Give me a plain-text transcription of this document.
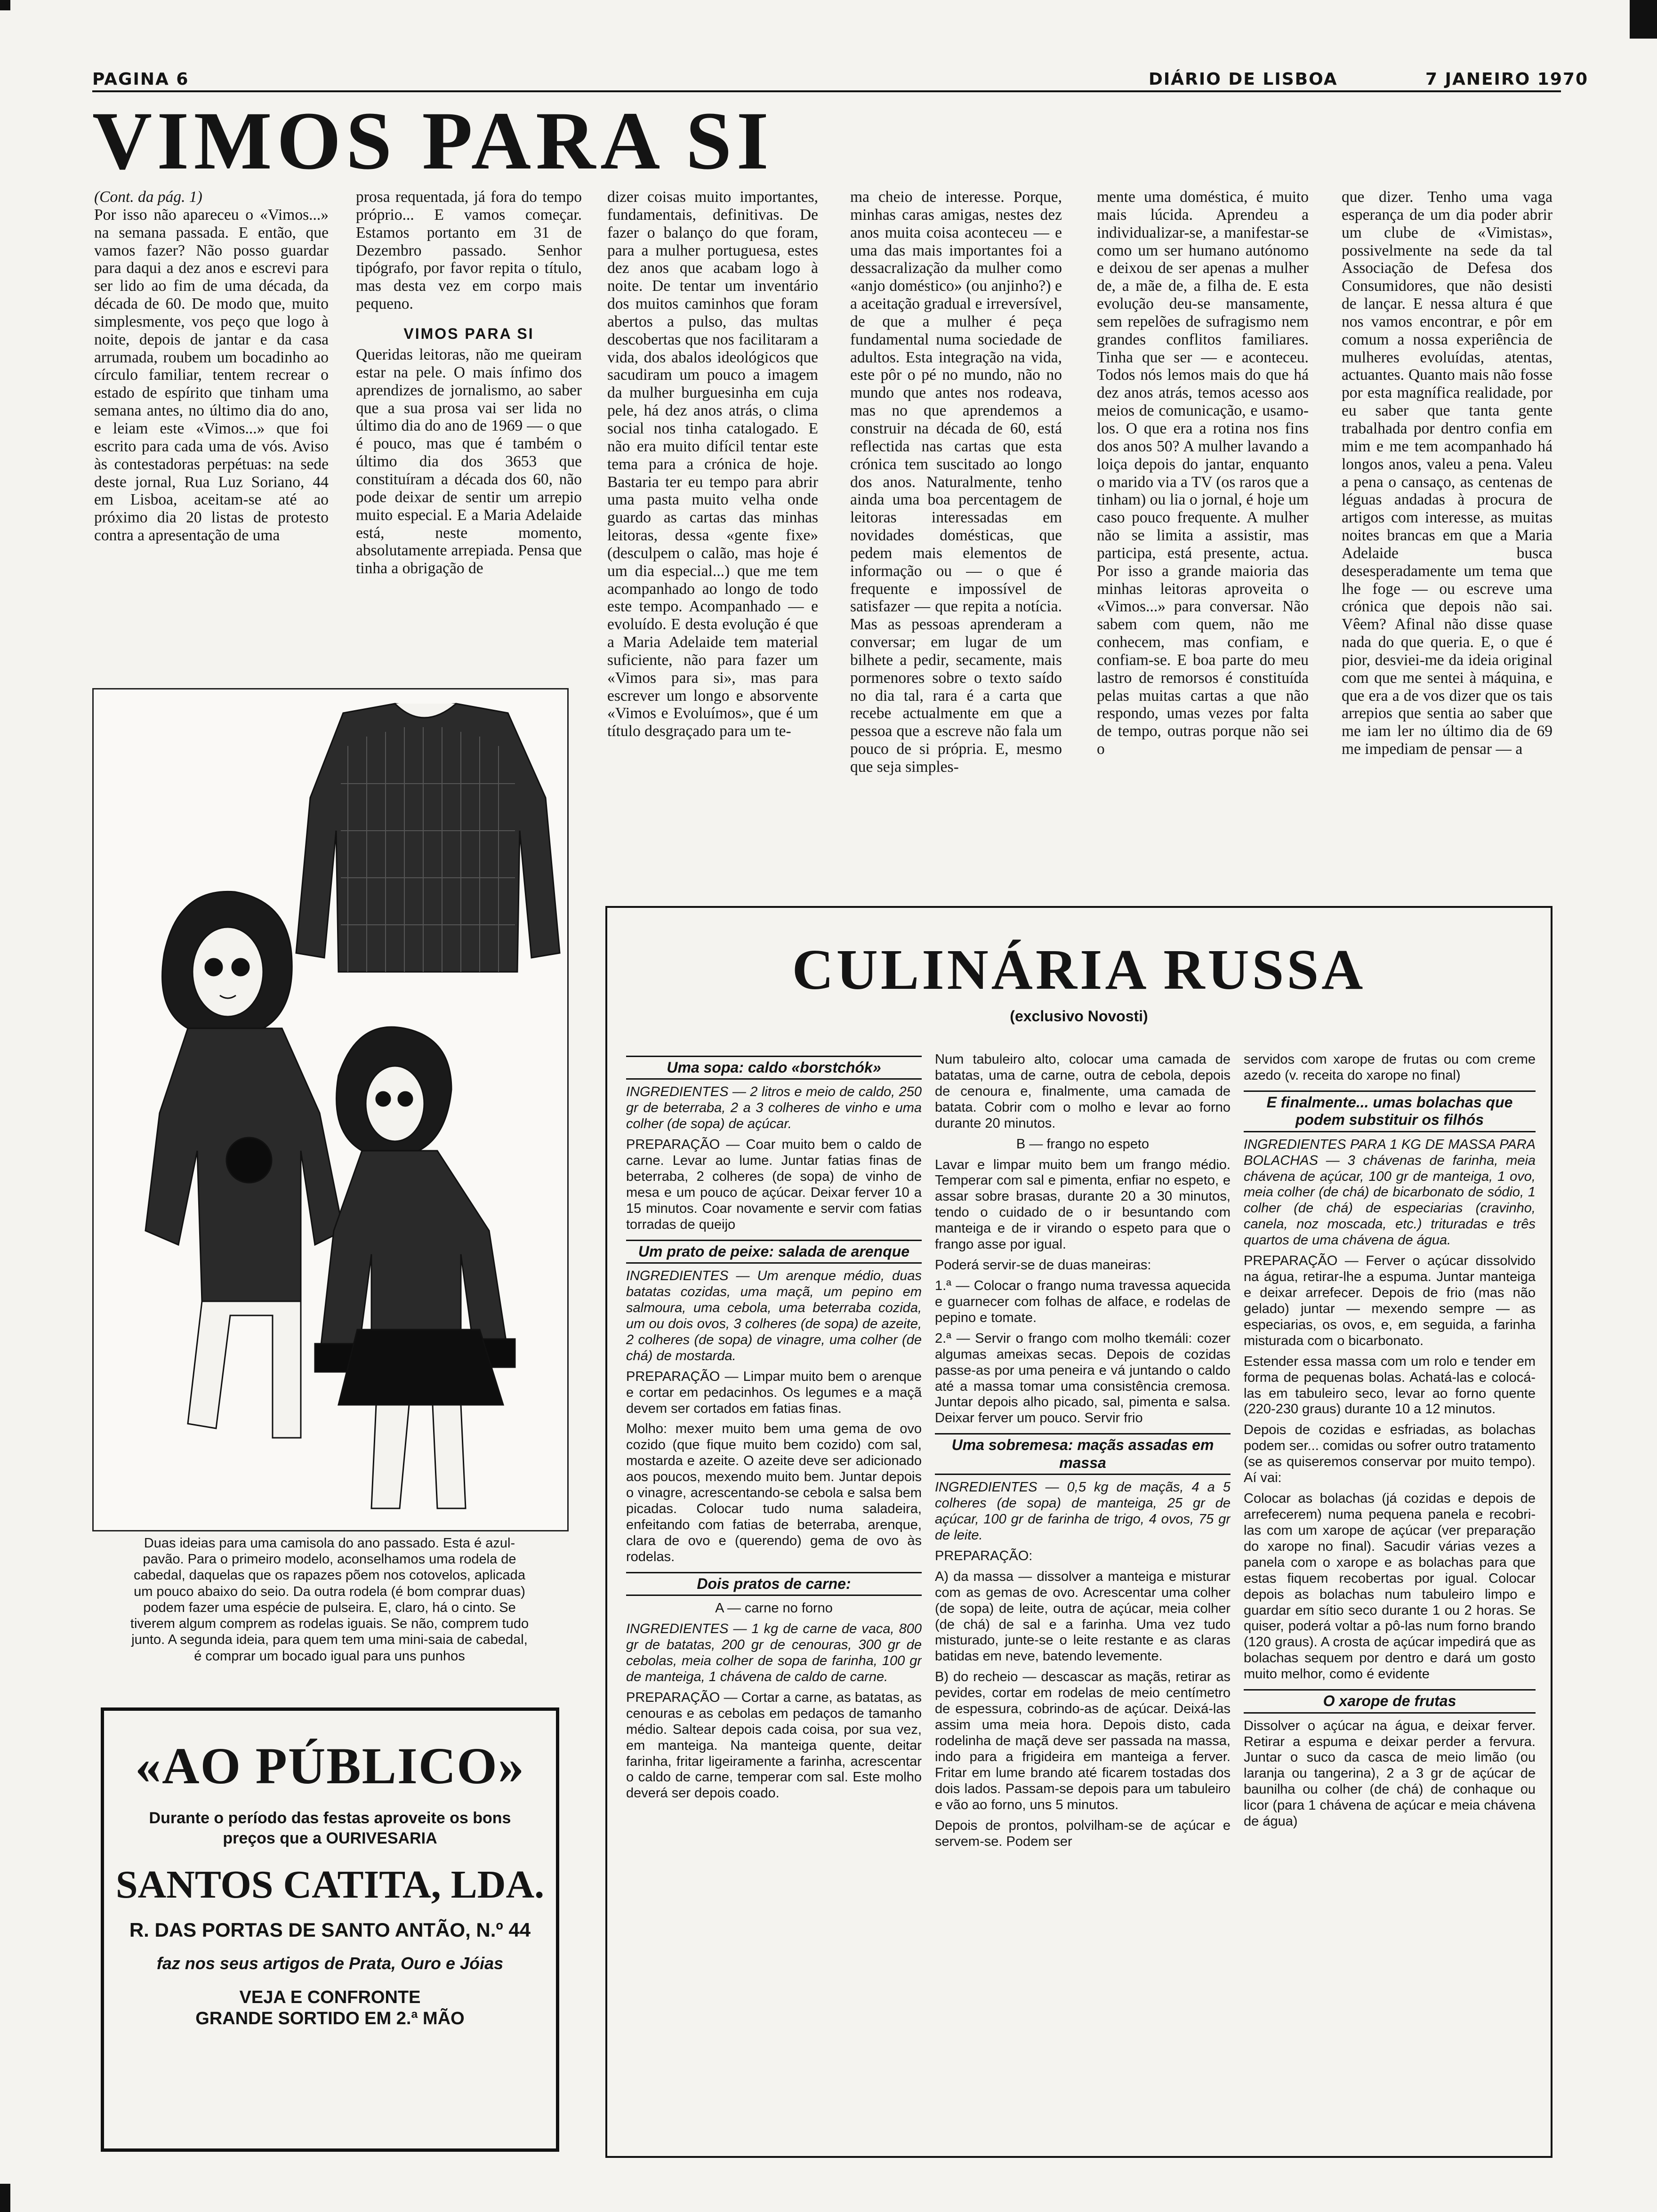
PAGINA 6	DIÁRIO DE LISBOA	7 JANEIRO 1970
VIMOS PARA SI
(Cont. da pág. 1)

Por isso não apareceu o «Vimos...» na semana passada. E então, que vamos fazer? Não posso guardar para daqui a dez anos e escrevi para ser lido ao fim de uma década, da década de 60. De modo que, muito simplesmente, vos peço que logo à noite, depois de jantar e da casa arrumada, roubem um bocadinho ao círculo familiar, tentem recrear o estado de espírito que tinham uma semana antes, no último dia do ano, e leiam este «Vimos...» que foi escrito para cada uma de vós. Aviso às contestadoras perpétuas: na sede deste jornal, Rua Luz Soriano, 44 em Lisboa, aceitam-se até ao próximo dia 20 listas de protesto contra a apresentação de uma

prosa requentada, já fora do tempo próprio... E vamos começar. Estamos portanto em 31 de Dezembro passado. Senhor tipógrafo, por favor repita o título, mas desta vez em corpo mais pequeno.

VIMOS PARA SI

Queridas leitoras, não me queiram estar na pele. O mais ínfimo dos aprendizes de jornalismo, ao saber que a sua prosa vai ser lida no último dia do ano de 1969 — o que é pouco, mas que é também o último dia dos 3653 que constituíram a década dos 60, não pode deixar de sentir um arrepio muito especial. E a Maria Adelaide está, neste momento, absolutamente arrepiada. Pensa que tinha a obrigação de

dizer coisas muito importantes, fundamentais, definitivas. De fazer o balanço do que foram, para a mulher portuguesa, estes dez anos que acabam logo à noite. De tentar um inventário dos muitos caminhos que foram abertos a pulso, das multas descobertas que nos facilitaram a vida, dos abalos ideológicos que sacudiram um pouco a imagem da mulher burguesinha em cuja pele, há dez anos atrás, o clima social nos tinha catalogado. E não era muito difícil tentar este tema para a crónica de hoje. Bastaria ter eu tempo para abrir uma pasta muito velha onde guardo as cartas das minhas leitoras, dessa «gente fixe» (desculpem o calão, mas hoje é um dia especial...) que me tem acompanhado ao longo de todo este tempo. Acompanhado — e evoluído. E desta evolução é que a Maria Adelaide tem material suficiente, não para fazer um «Vimos para si», mas para escrever um longo e absorvente «Vimos e Evoluímos», que é um título desgraçado para um te-

ma cheio de interesse. Porque, minhas caras amigas, nestes dez anos muita coisa aconteceu — e uma das mais importantes foi a dessacralização da mulher como «anjo doméstico» (ou anjinho?) e a aceitação gradual e irreversível, de que a mulher é peça fundamental numa sociedade de adultos. Esta integração na vida, este pôr o pé no mundo, não no mundo que antes nos rodeava, mas no que aprendemos a construir na década de 60, está reflectida nas cartas que esta crónica tem suscitado ao longo dos anos. Naturalmente, tenho ainda uma boa percentagem de leitoras interessadas em novidades domésticas, que pedem mais elementos de informação ou — o que é frequente e impossível de satisfazer — que repita a notícia. Mas as pessoas aprenderam a conversar; em lugar de um bilhete a pedir, secamente, mais pormenores sobre o texto saído no dia tal, rara é a carta que recebe actualmente em que a pessoa que a escreve não fala um pouco de si própria. E, mesmo que seja simples-

mente uma doméstica, é muito mais lúcida. Aprendeu a individualizar-se, a manifestar-se como um ser humano autónomo e deixou de ser apenas a mulher de, a mãe de, a filha de. E esta evolução deu-se mansamente, sem repelões de sufragismo nem grandes conflitos familiares. Tinha que ser — e aconteceu. Todos nós lemos mais do que há dez anos atrás, temos acesso aos meios de comunicação, e usamo-los. O que era a rotina nos fins dos anos 50? A mulher lavando a loiça depois do jantar, enquanto o marido via a TV (os raros que a tinham) ou lia o jornal, é hoje um caso pouco frequente. A mulher não se limita a assistir, mas participa, está presente, actua. Por isso a grande maioria das minhas leitoras aproveita o «Vimos...» para conversar. Não sabem com quem, não me conhecem, mas confiam, e confiam-se. E boa parte do meu lastro de remorsos é constituída pelas muitas cartas a que não respondo, umas vezes por falta de tempo, outras porque não sei o

que dizer. Tenho uma vaga esperança de um dia poder abrir um clube de «Vimistas», possivelmente na sede da tal Associação de Defesa dos Consumidores, que não desisti de lançar. E nessa altura é que nos vamos encontrar, e pôr em comum a nossa experiência de mulheres evoluídas, atentas, actuantes. Quanto mais não fosse por esta magnífica realidade, por eu saber que tanta gente trabalhada por dentro confia em mim e me tem acompanhado há longos anos, valeu a pena. Valeu a pena o cansaço, as centenas de léguas andadas à procura de artigos com interesse, as muitas noites brancas em que a Maria Adelaide busca desesperadamente um tema que lhe foge — ou escreve uma crónica que depois não sai. Vêem? Afinal não disse quase nada do que queria. E, o que é pior, desviei-me da ideia original com que me sentei à máquina, e que era a de vos dizer que os tais arrepios que sentia ao saber que me iam ler no último dia de 69 me impediam de pensar — a

Duas ideias para uma camisola do ano passado. Esta é azul-pavão. Para o primeiro modelo, aconselhamos uma rodela de cabedal, daquelas que os rapazes põem nos cotovelos, aplicada um pouco abaixo do seio. Da outra rodela (é bom comprar duas) podem fazer uma espécie de pulseira. E, claro, há o cinto. Se tiverem algum comprem as rodelas iguais. Se não, comprem tudo junto. A segunda ideia, para quem tem uma mini-saia de cabedal, é comprar um bocado igual para uns punhos
«AO PÚBLICO»
Durante o período das festas aproveite os bons
preços que a OURIVESARIA
SANTOS CATITA, LDA.
R. DAS PORTAS DE SANTO ANTÃO, N.º 44
faz nos seus artigos de Prata, Ouro e Jóias
VEJA E CONFRONTE
GRANDE SORTIDO EM 2.ª MÃO
CULINÁRIA RUSSA
(exclusivo Novosti)
Uma sopa: caldo «borstchók»

INGREDIENTES — 2 litros e meio de caldo, 250 gr de beterraba, 2 a 3 colheres de vinho e uma colher (de sopa) de açúcar.

PREPARAÇÃO — Coar muito bem o caldo de carne. Levar ao lume. Juntar fatias finas de beterraba, 2 colheres (de sopa) de vinho de mesa e um pouco de açúcar. Deixar ferver 10 a 15 minutos. Coar novamente e servir com fatias torradas de queijo

Um prato de peixe: salada de arenque

INGREDIENTES — Um arenque médio, duas batatas cozidas, uma maçã, um pepino em salmoura, uma cebola, uma beterraba cozida, um ou dois ovos, 3 colheres (de sopa) de azeite, 2 colheres (de sopa) de vinagre, uma colher (de chá) de mostarda.

PREPARAÇÃO — Limpar muito bem o arenque e cortar em pedacinhos. Os legumes e a maçã devem ser cortados em fatias finas.

Molho: mexer muito bem uma gema de ovo cozido (que fique muito bem cozido) com sal, mostarda e azeite. O azeite deve ser adicionado aos poucos, mexendo muito bem. Juntar depois o vinagre, acrescentando-se cebola e salsa bem picadas. Colocar tudo numa saladeira, enfeitando com fatias de beterraba, arenque, clara de ovo e (querendo) gema de ovo às rodelas.

Dois pratos de carne:

A — carne no forno

INGREDIENTES — 1 kg de carne de vaca, 800 gr de batatas, 200 gr de cenouras, 300 gr de cebolas, meia colher de sopa de farinha, 100 gr de manteiga, 1 chávena de caldo de carne.

PREPARAÇÃO — Cortar a carne, as batatas, as cenouras e as cebolas em pedaços de tamanho médio. Saltear depois cada coisa, por sua vez, em manteiga. Na manteiga quente, deitar farinha, fritar ligeiramente a farinha, acrescentar o caldo de carne, temperar com sal. Este molho deverá ser depois coado.

Num tabuleiro alto, colocar uma camada de batatas, uma de carne, outra de cebola, depois de cenoura e, finalmente, uma camada de batata. Cobrir com o molho e levar ao forno durante 20 minutos.

B — frango no espeto

Lavar e limpar muito bem um frango médio. Temperar com sal e pimenta, enfiar no espeto, e assar sobre brasas, durante 20 a 30 minutos, tendo o cuidado de o ir besuntando com manteiga e de ir virando o espeto para que o frango asse por igual.

Poderá servir-se de duas maneiras:

1.ª — Colocar o frango numa travessa aquecida e guarnecer com folhas de alface, e rodelas de pepino e tomate.

2.ª — Servir o frango com molho tkemáli: cozer algumas ameixas secas. Depois de cozidas passe-as por uma peneira e vá juntando o caldo até a massa tomar uma consistência cremosa. Juntar depois alho picado, sal, pimenta e salsa. Deixar ferver um pouco. Servir frio

Uma sobremesa: maçãs assadas em massa

INGREDIENTES — 0,5 kg de maçãs, 4 a 5 colheres (de sopa) de manteiga, 25 gr de açúcar, 100 gr de farinha de trigo, 4 ovos, 75 gr de leite.

PREPARAÇÃO:

A) da massa — dissolver a manteiga e misturar com as gemas de ovo. Acrescentar uma colher (de sopa) de leite, outra de açúcar, meia colher (de chá) de sal e a farinha. Uma vez tudo misturado, junte-se o leite restante e as claras batidas em neve, batendo levemente.

B) do recheio — descascar as maçãs, retirar as pevides, cortar em rodelas de meio centímetro de espessura, cobrindo-as de açúcar. Deixá-las assim uma meia hora. Depois disto, cada rodelinha de maçã deve ser passada na massa, indo para a frigideira em manteiga a ferver. Fritar em lume brando até ficarem tostadas dos dois lados. Passam-se depois para um tabuleiro e vão ao forno, uns 5 minutos.

Depois de prontos, polvilham-se de açúcar e servem-se. Podem ser

servidos com xarope de frutas ou com creme azedo (v. receita do xarope no final)

E finalmente... umas bolachas que podem substituir os filhós

INGREDIENTES PARA 1 KG DE MASSA PARA BOLACHAS — 3 chávenas de farinha, meia chávena de açúcar, 100 gr de manteiga, 1 ovo, meia colher (de chá) de bicarbonato de sódio, 1 colher (de chá) de especiarias (cravinho, canela, noz moscada, etc.) trituradas e três quartos de uma chávena de água.

PREPARAÇÃO — Ferver o açúcar dissolvido na água, retirar-lhe a espuma. Juntar manteiga e deixar arrefecer. Depois de frio (mas não gelado) juntar — mexendo sempre — as especiarias, os ovos, e, em seguida, a farinha misturada com o bicarbonato.

Estender essa massa com um rolo e tender em forma de pequenas bolas. Achatá-las e colocá-las em tabuleiro seco, levar ao forno quente (220-230 graus) durante 10 a 12 minutos.

Depois de cozidas e esfriadas, as bolachas podem ser... comidas ou sofrer outro tratamento (se as quiseremos conservar por muito tempo). Aí vai:

Colocar as bolachas (já cozidas e depois de arrefecerem) numa pequena panela e recobri-las com um xarope de açúcar (ver preparação do xarope no final). Sacudir várias vezes a panela com o xarope e as bolachas para que estas fiquem recobertas por igual. Colocar depois as bolachas num tabuleiro limpo e guardar em sítio seco durante 1 ou 2 horas. Se quiser, poderá voltar a pô-las num forno brando (120 graus). A crosta de açúcar impedirá que as bolachas sequem por dentro e dará um gosto muito melhor, como é evidente

O xarope de frutas

Dissolver o açúcar na água, e deixar ferver. Retirar a espuma e deixar perder a fervura. Juntar o suco da casca de meio limão (ou laranja ou tangerina), 2 a 3 gr de açúcar de baunilha ou colher (de chá) de conhaque ou licor (para 1 chávena de açúcar e meia chávena de água)
